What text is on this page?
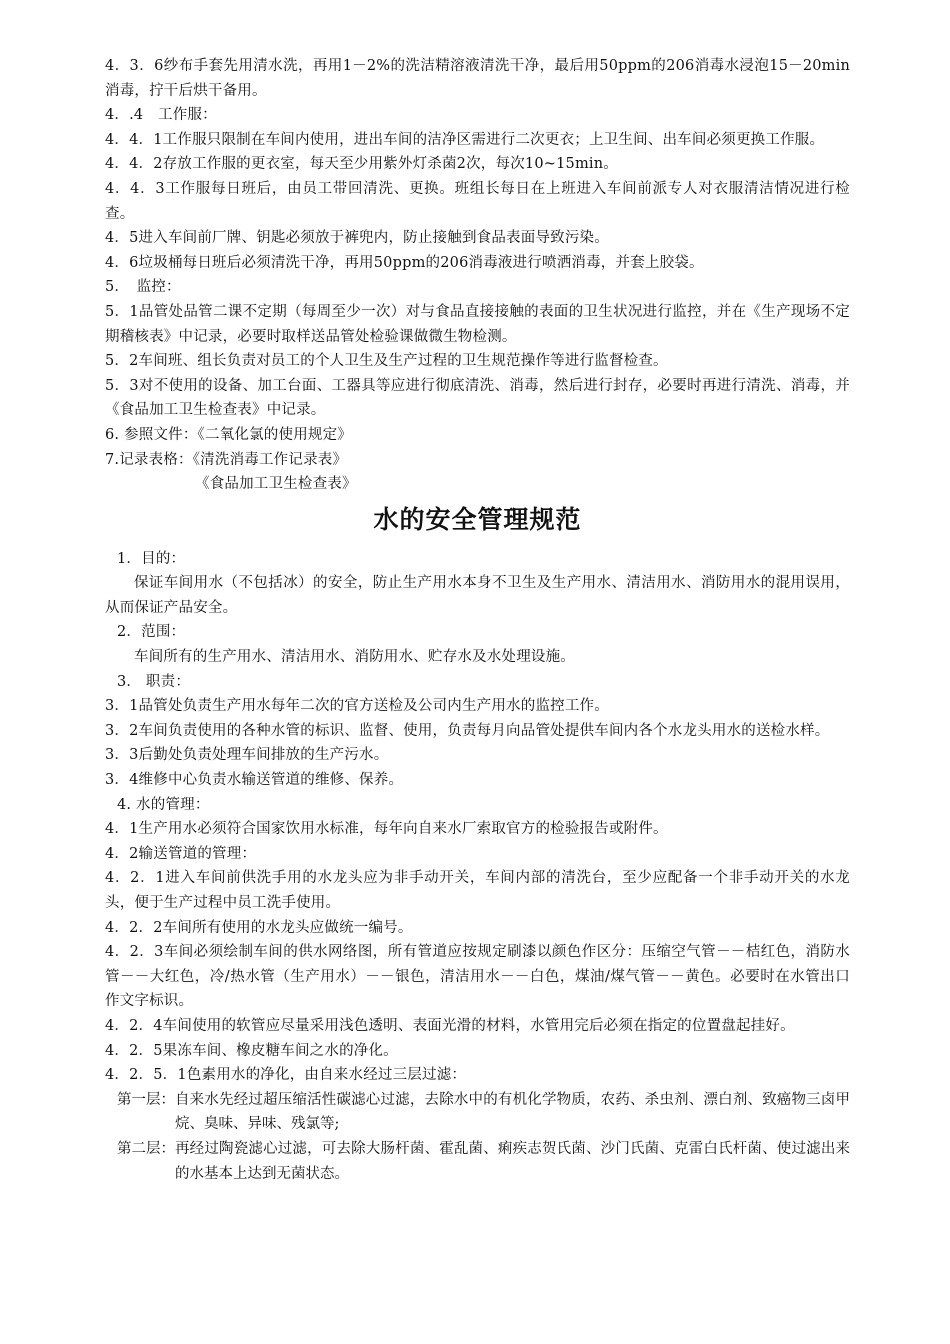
4．3．6纱布手套先用清水洗，再用1－2%的洗洁精溶液清洗干净，最后用50ppm的206消毒水浸泡15－20min消毒，拧干后烘干备用。

4．.4　工作服：

4．4．1工作服只限制在车间内使用，进出车间的洁净区需进行二次更衣；上卫生间、出车间必须更换工作服。

4．4．2存放工作服的更衣室，每天至少用紫外灯杀菌2次，每次10~15min。

4．4．3工作服每日班后，由员工带回清洗、更换。班组长每日在上班进入车间前派专人对衣服清洁情况进行检查。

4．5进入车间前厂牌、钥匙必须放于裤兜内，防止接触到食品表面导致污染。

4．6垃圾桶每日班后必须清洗干净，再用50ppm的206消毒液进行喷洒消毒，并套上胶袋。

5．　监控：

5．1品管处品管二课不定期（每周至少一次）对与食品直接接触的表面的卫生状况进行监控，并在《生产现场不定期稽核表》中记录，必要时取样送品管处检验课做微生物检测。

5．2车间班、组长负责对员工的个人卫生及生产过程的卫生规范操作等进行监督检查。

5．3对不使用的设备、加工台面、工器具等应进行彻底清洗、消毒，然后进行封存，必要时再进行清洗、消毒，并《食品加工卫生检查表》中记录。

6. 参照文件：《二氧化氯的使用规定》

7.记录表格：《清洗消毒工作记录表》

《食品加工卫生检查表》

水的安全管理规范

1．目的：

保证车间用水（不包括冰）的安全，防止生产用水本身不卫生及生产用水、清洁用水、消防用水的混用误用，从而保证产品安全。

2．范围：

车间所有的生产用水、清洁用水、消防用水、贮存水及水处理设施。

3． 职责：

3．1品管处负责生产用水每年二次的官方送检及公司内生产用水的监控工作。

3．2车间负责使用的各种水管的标识、监督、使用，负责每月向品管处提供车间内各个水龙头用水的送检水样。

3．3后勤处负责处理车间排放的生产污水。

3．4维修中心负责水输送管道的维修、保养。

4. 水的管理：

4．1生产用水必须符合国家饮用水标准，每年向自来水厂索取官方的检验报告或附件。

4．2输送管道的管理：

4．2．1进入车间前供洗手用的水龙头应为非手动开关，车间内部的清洗台，至少应配备一个非手动开关的水龙头，便于生产过程中员工洗手使用。

4．2．2车间所有使用的水龙头应做统一编号。

4．2．3车间必须绘制车间的供水网络图，所有管道应按规定刷漆以颜色作区分：压缩空气管－－桔红色，消防水管－－大红色，冷/热水管（生产用水）－－银色，清洁用水－－白色，煤油/煤气管－－黄色。必要时在水管出口作文字标识。

4．2．4车间使用的软管应尽量采用浅色透明、表面光滑的材料，水管用完后必须在指定的位置盘起挂好。

4．2．5果冻车间、橡皮糖车间之水的净化。

4．2．5．1色素用水的净化，由自来水经过三层过滤：

第一层： 自来水先经过超压缩活性碳滤心过滤，去除水中的有机化学物质，农药、杀虫剂、漂白剂、致癌物三卤甲烷、臭味、异味、残氯等;
第二层： 再经过陶瓷滤心过滤，可去除大肠杆菌、霍乱菌、痢疾志贺氏菌、沙门氏菌、克雷白氏杆菌、使过滤出来的水基本上达到无菌状态。
